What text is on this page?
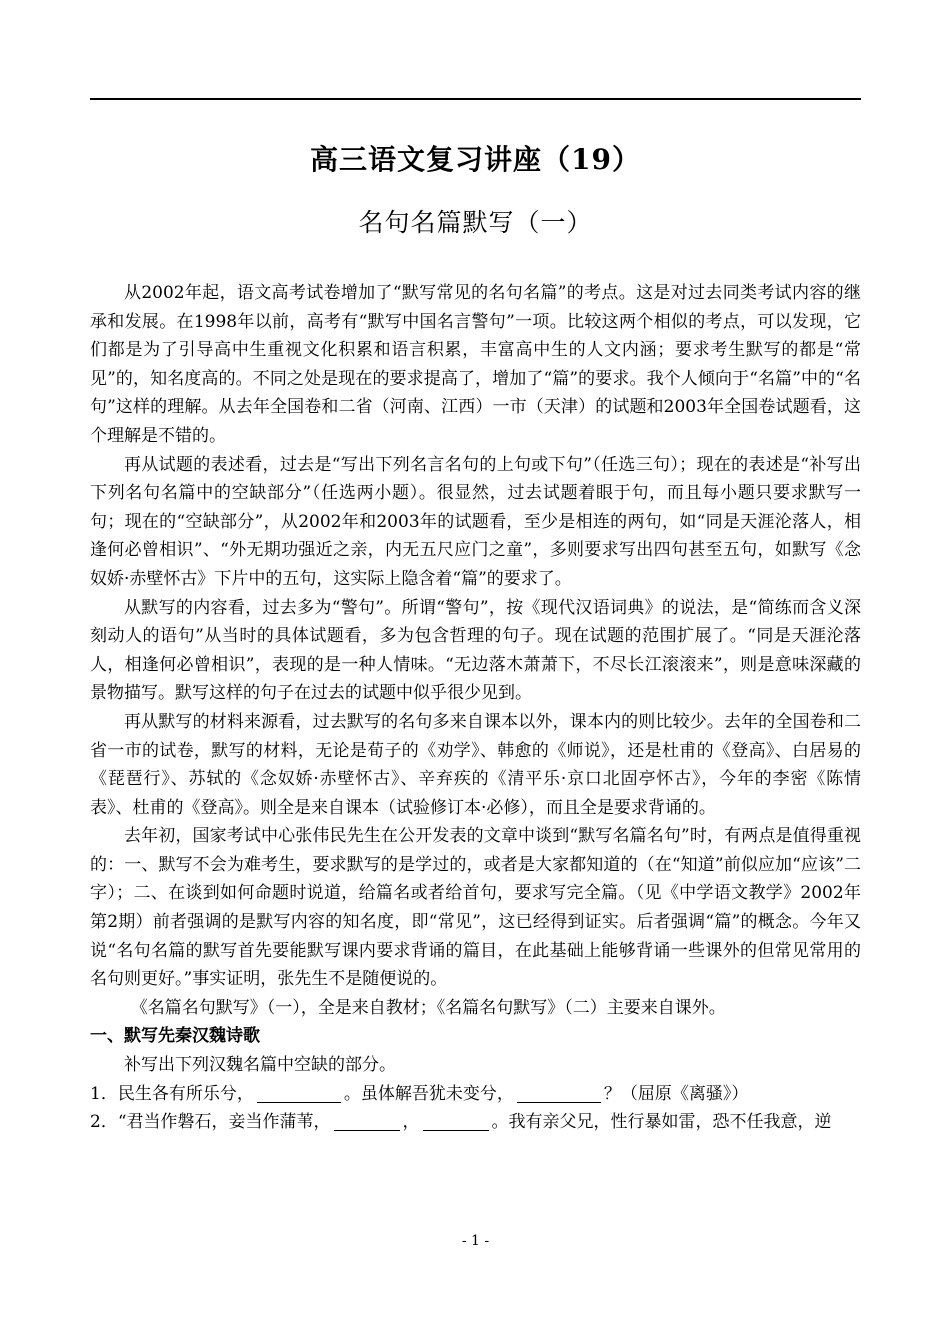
高三语文复习讲座（19）
名句名篇默写（一）

从2002年起，语文高考试卷增加了“默写常见的名句名篇”的考点。这是对过去同类考试内容的继承和发展。在1998年以前，高考有“默写中国名言警句”一项。比较这两个相似的考点，可以发现，它们都是为了引导高中生重视文化积累和语言积累，丰富高中生的人文内涵；要求考生默写的都是“常见”的，知名度高的。不同之处是现在的要求提高了，增加了“篇”的要求。我个人倾向于“名篇”中的“名句”这样的理解。从去年全国卷和二省（河南、江西）一市（天津）的试题和2003年全国卷试题看，这个理解是不错的。

再从试题的表述看，过去是“写出下列名言名句的上句或下句”（任选三句）；现在的表述是“补写出下列名句名篇中的空缺部分”（任选两小题）。很显然，过去试题着眼于句，而且每小题只要求默写一句；现在的“空缺部分”，从2002年和2003年的试题看，至少是相连的两句，如“同是天涯沦落人，相逢何必曾相识”、“外无期功强近之亲，内无五尺应门之童”，多则要求写出四句甚至五句，如默写《念奴娇·赤壁怀古》下片中的五句，这实际上隐含着“篇”的要求了。

从默写的内容看，过去多为“警句”。所谓“警句”，按《现代汉语词典》的说法，是“简练而含义深刻动人的语句”从当时的具体试题看，多为包含哲理的句子。现在试题的范围扩展了。“同是天涯沦落人，相逢何必曾相识”，表现的是一种人情味。“无边落木萧萧下，不尽长江滚滚来”，则是意味深藏的景物描写。默写这样的句子在过去的试题中似乎很少见到。

再从默写的材料来源看，过去默写的名句多来自课本以外，课本内的则比较少。去年的全国卷和二省一市的试卷，默写的材料，无论是荀子的《劝学》、韩愈的《师说》，还是杜甫的《登高》、白居易的《琵琶行》、苏轼的《念奴娇·赤壁怀古》、辛弃疾的《清平乐·京口北固亭怀古》，今年的李密《陈情表》、杜甫的《登高》。则全是来自课本（试验修订本·必修），而且全是要求背诵的。

去年初，国家考试中心张伟民先生在公开发表的文章中谈到“默写名篇名句”时，有两点是值得重视的：一、默写不会为难考生，要求默写的是学过的，或者是大家都知道的（在“知道”前似应加“应该”二字）；二、在谈到如何命题时说道，给篇名或者给首句，要求写完全篇。（见《中学语文教学》2002年第2期）前者强调的是默写内容的知名度，即“常见”，这已经得到证实。后者强调“篇”的概念。今年又说“名句名篇的默写首先要能默写课内要求背诵的篇目，在此基础上能够背诵一些课外的但常见常用的名句则更好。”事实证明，张先生不是随便说的。

《名篇名句默写》（一），全是来自教材；《名篇名句默写》（二）主要来自课外。

一、默写先秦汉魏诗歌

补写出下列汉魏名篇中空缺的部分。

1．民生各有所乐兮，	。虽体解吾犹未变兮，	？（屈原《离骚》）

2．“君当作磐石，妾当作蒲苇，	，	。我有亲父兄，性行暴如雷，恐不任我意，逆

- 1 -
